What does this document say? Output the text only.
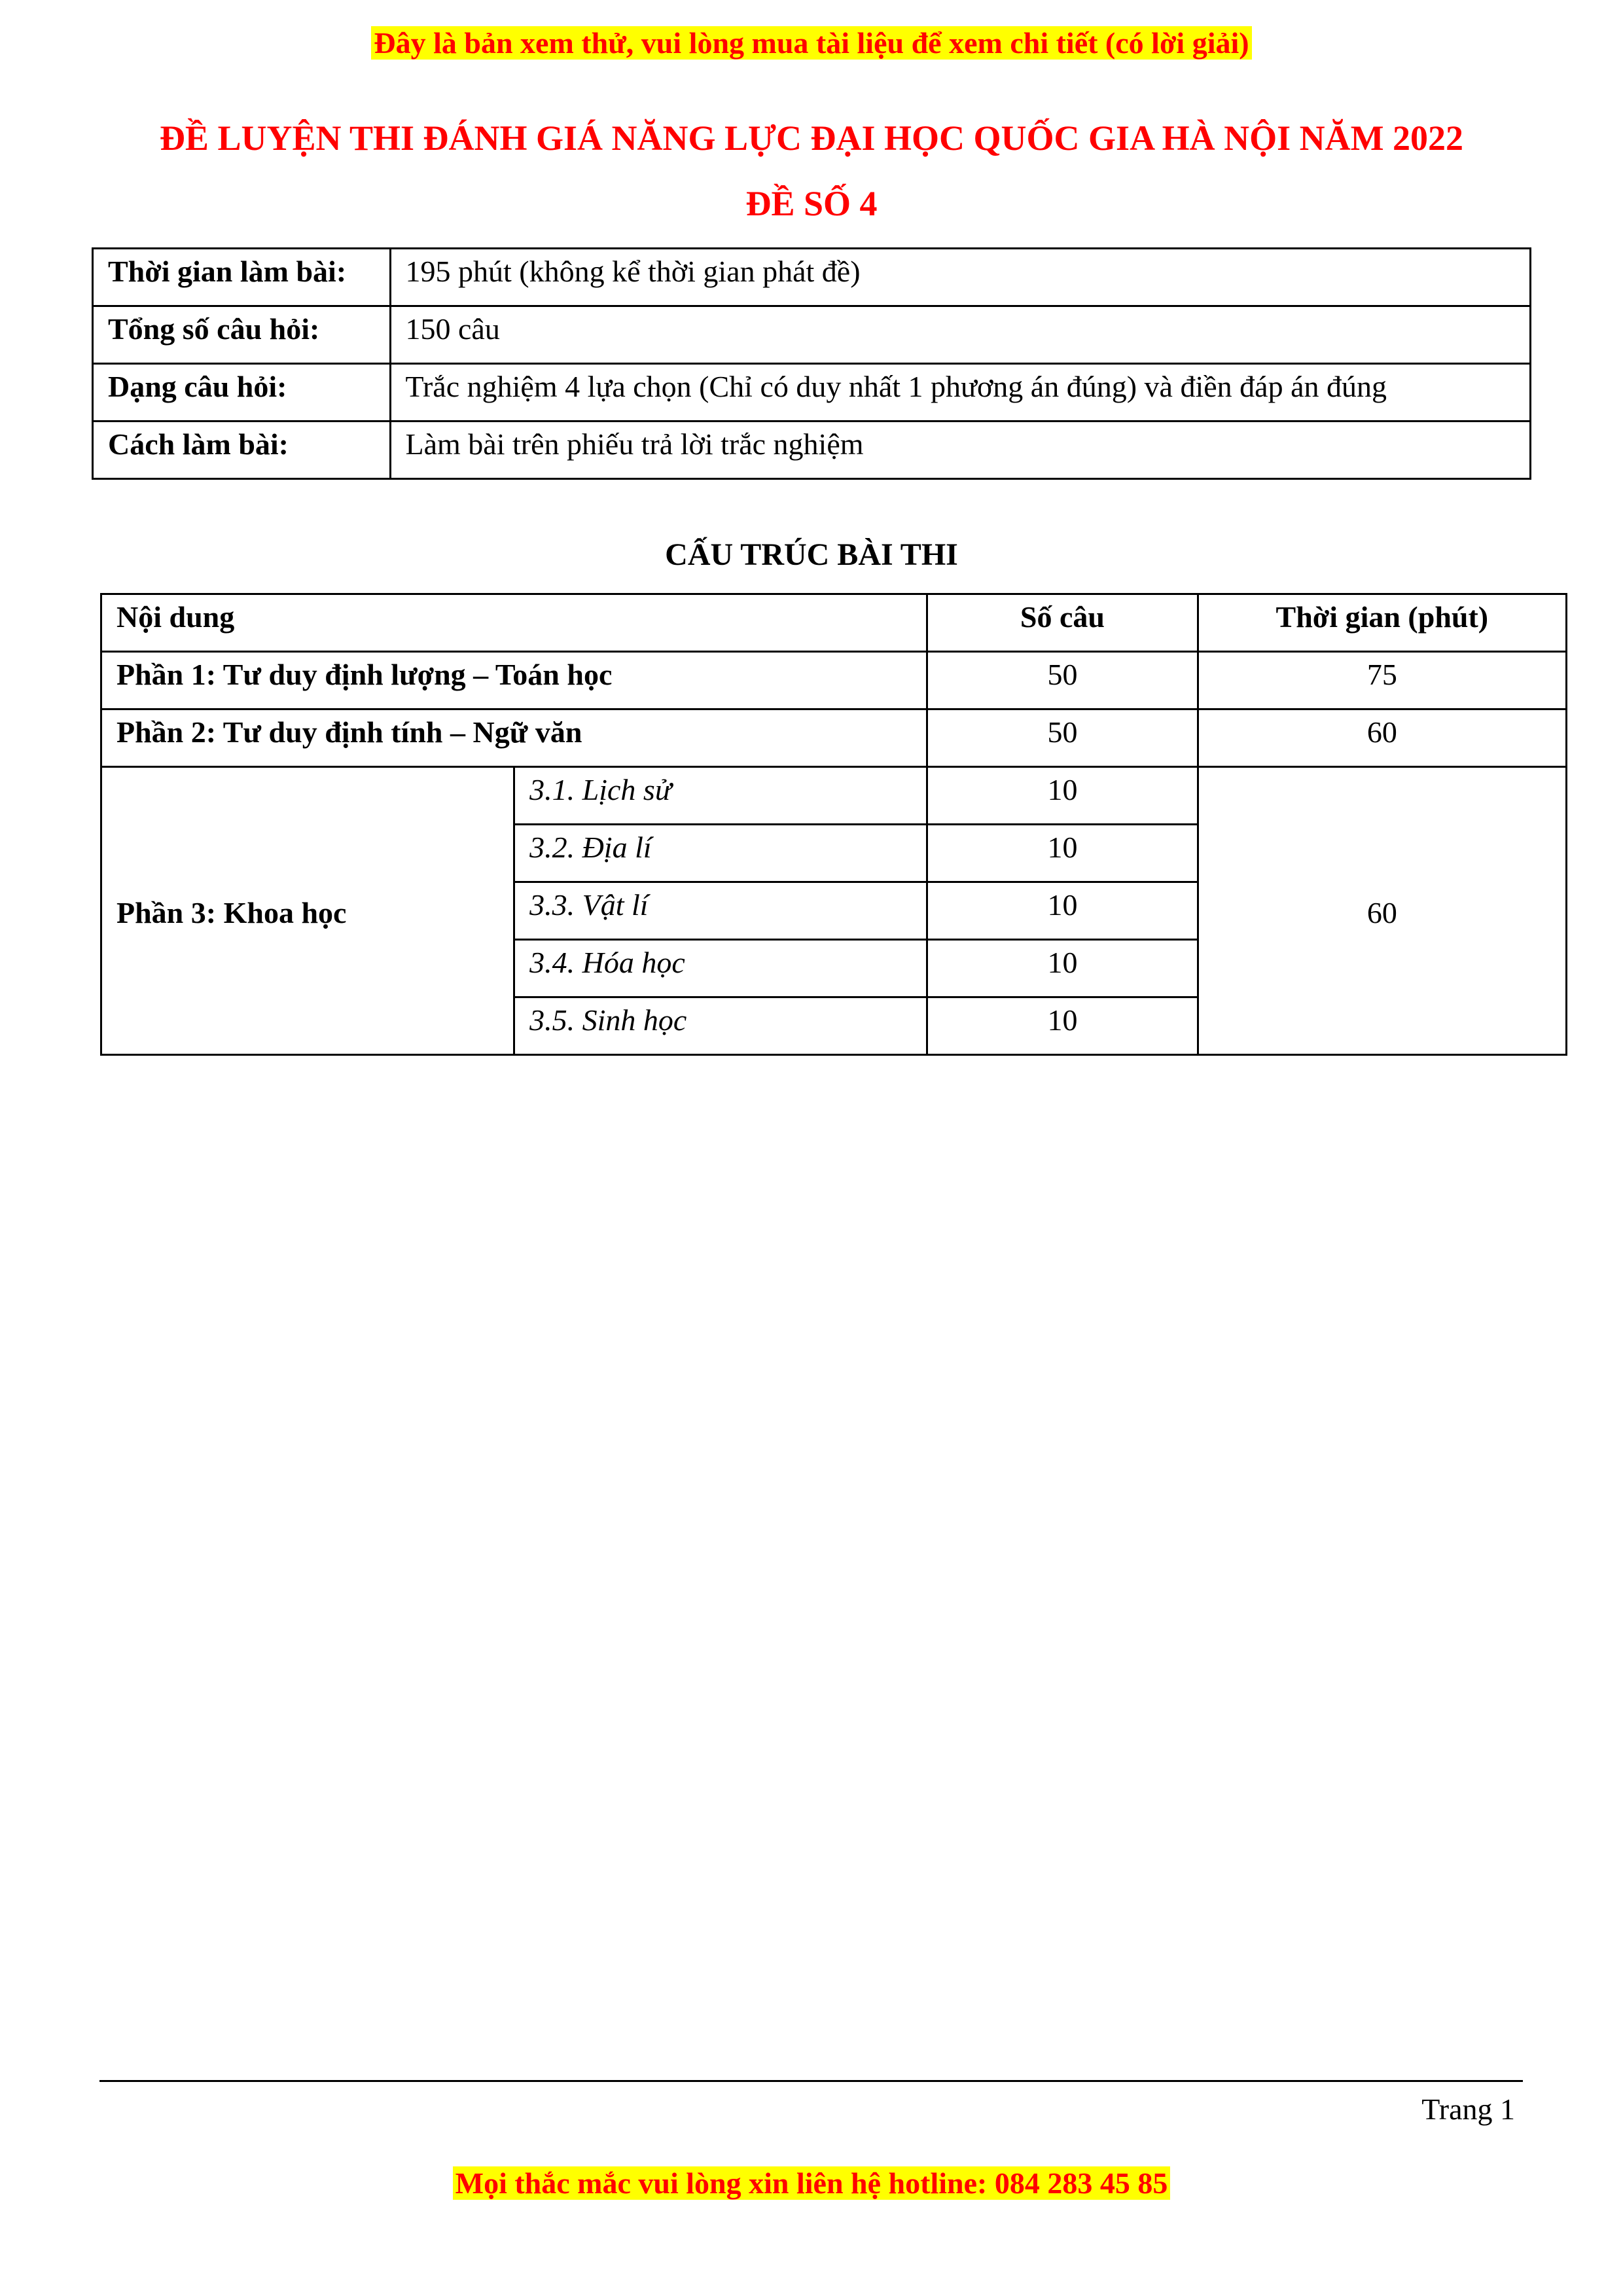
Đây là bản xem thử, vui lòng mua tài liệu để xem chi tiết (có lời giải)
ĐỀ LUYỆN THI ĐÁNH GIÁ NĂNG LỰC ĐẠI HỌC QUỐC GIA HÀ NỘI NĂM 2022
ĐỀ SỐ 4
Thời gian làm bài:	195 phút (không kể thời gian phát đề)
Tổng số câu hỏi:	150 câu
Dạng câu hỏi:	Trắc nghiệm 4 lựa chọn (Chỉ có duy nhất 1 phương án đúng) và điền đáp án đúng
Cách làm bài:	Làm bài trên phiếu trả lời trắc nghiệm
CẤU TRÚC BÀI THI
Nội dung		Số câu	Thời gian (phút)
Phần 1: Tư duy định lượng – Toán học		50	75
Phần 2: Tư duy định tính – Ngữ văn		50	60
Phần 3: Khoa học	3.1. Lịch sử	10	60
	3.2. Địa lí	10	
	3.3. Vật lí	10	
	3.4. Hóa học	10	
	3.5. Sinh học	10	
Trang 1
Mọi thắc mắc vui lòng xin liên hệ hotline: 084 283 45 85
